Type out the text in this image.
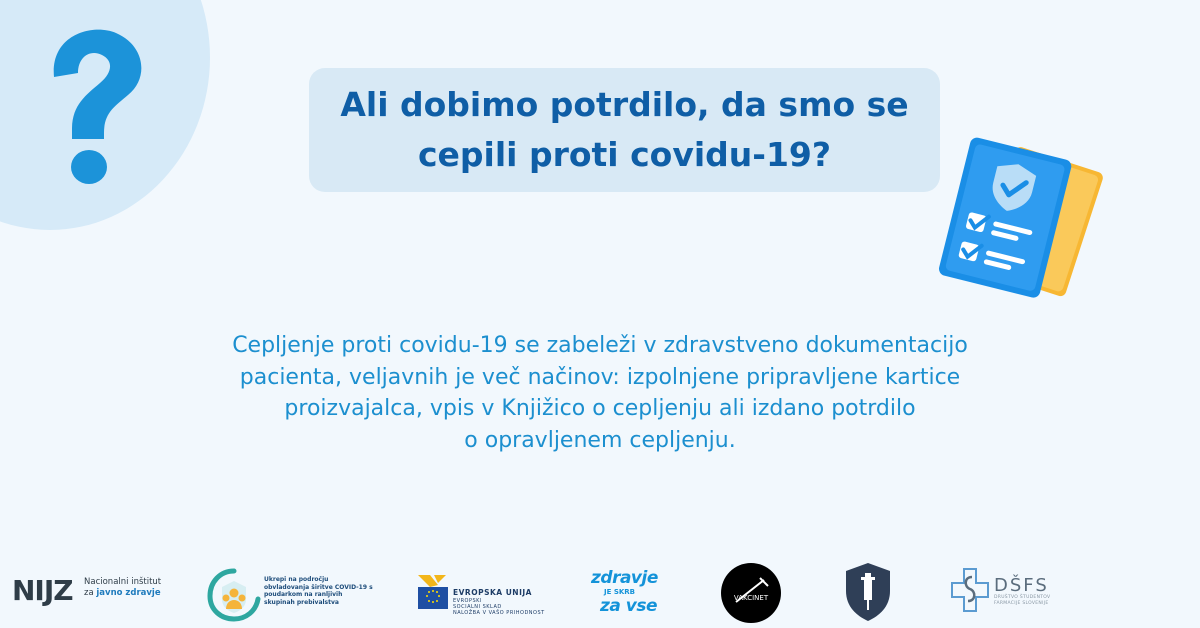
Ali dobimo potrdilo, da smo se
cepili proti covidu-19?
Cepljenje proti covidu-19 se zabeleži v zdravstveno dokumentacijo
pacienta, veljavnih je več načinov: izpolnjene pripravljene kartice
proizvajalca, vpis v Knjižico o cepljenju ali izdano potrdilo
o opravljenem cepljenju.
NIJZ Nacionalni inštitut
za javno zdravje
Ukrepi na področju obvladovanja širitve COVID-19 s poudarkom na ranljivih skupinah prebivalstva
EVROPSKA UNIJA
EVROPSKI
SOCIALNI SKLAD
NALOŽBA V VAŠO PRIHODNOST
zdravje
JE SKRB
za vse	VAKCINET
DŠFS
DRUŠTVO ŠTUDENTOV
FARMACIJE SLOVENIJE
